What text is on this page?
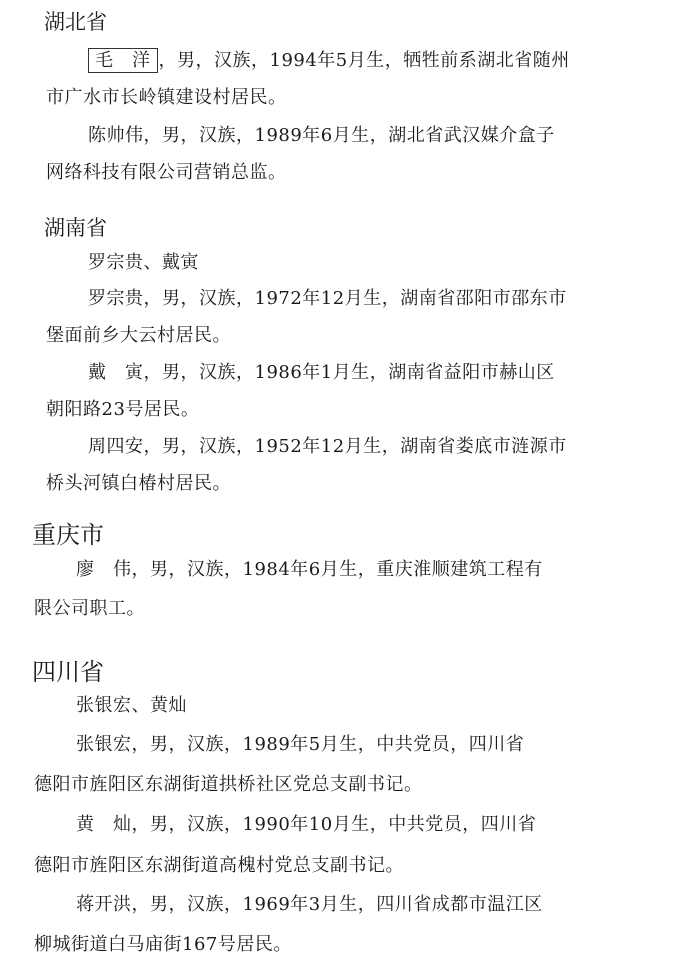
湖北省
毛　洋 ，男，汉族，1994年5月生，牺牲前系湖北省随州
市广水市长岭镇建设村居民。
陈帅伟，男，汉族，1989年6月生，湖北省武汉媒介盒子
网络科技有限公司营销总监。
湖南省
罗宗贵、戴寅
罗宗贵，男，汉族，1972年12月生，湖南省邵阳市邵东市
堡面前乡大云村居民。
戴　寅，男，汉族，1986年1月生，湖南省益阳市赫山区
朝阳路23号居民。
周四安，男，汉族，1952年12月生，湖南省娄底市涟源市
桥头河镇白椿村居民。
重庆市
廖　伟，男，汉族，1984年6月生，重庆淮顺建筑工程有
限公司职工。
四川省
张银宏、黄灿
张银宏，男，汉族，1989年5月生，中共党员，四川省
德阳市旌阳区东湖街道拱桥社区党总支副书记。
黄　灿，男，汉族，1990年10月生，中共党员，四川省
德阳市旌阳区东湖街道高槐村党总支副书记。
蒋开洪，男，汉族，1969年3月生，四川省成都市温江区
柳城街道白马庙街167号居民。
